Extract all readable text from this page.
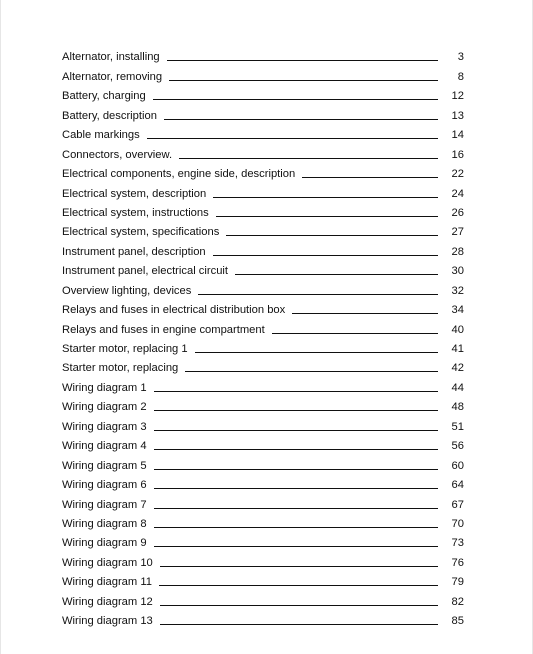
Alternator, installing	3
Alternator, removing	8
Battery, charging	12
Battery, description	13
Cable markings	14
Connectors, overview.	16
Electrical components, engine side, description	22
Electrical system, description	24
Electrical system, instructions	26
Electrical system, specifications	27
Instrument panel, description	28
Instrument panel, electrical circuit	30
Overview lighting, devices	32
Relays and fuses in electrical distribution box	34
Relays and fuses in engine compartment	40
Starter motor, replacing 1	41
Starter motor, replacing	42
Wiring diagram 1	44
Wiring diagram 2	48
Wiring diagram 3	51
Wiring diagram 4	56
Wiring diagram 5	60
Wiring diagram 6	64
Wiring diagram 7	67
Wiring diagram 8	70
Wiring diagram 9	73
Wiring diagram 10	76
Wiring diagram 11	79
Wiring diagram 12	82
Wiring diagram 13	85
